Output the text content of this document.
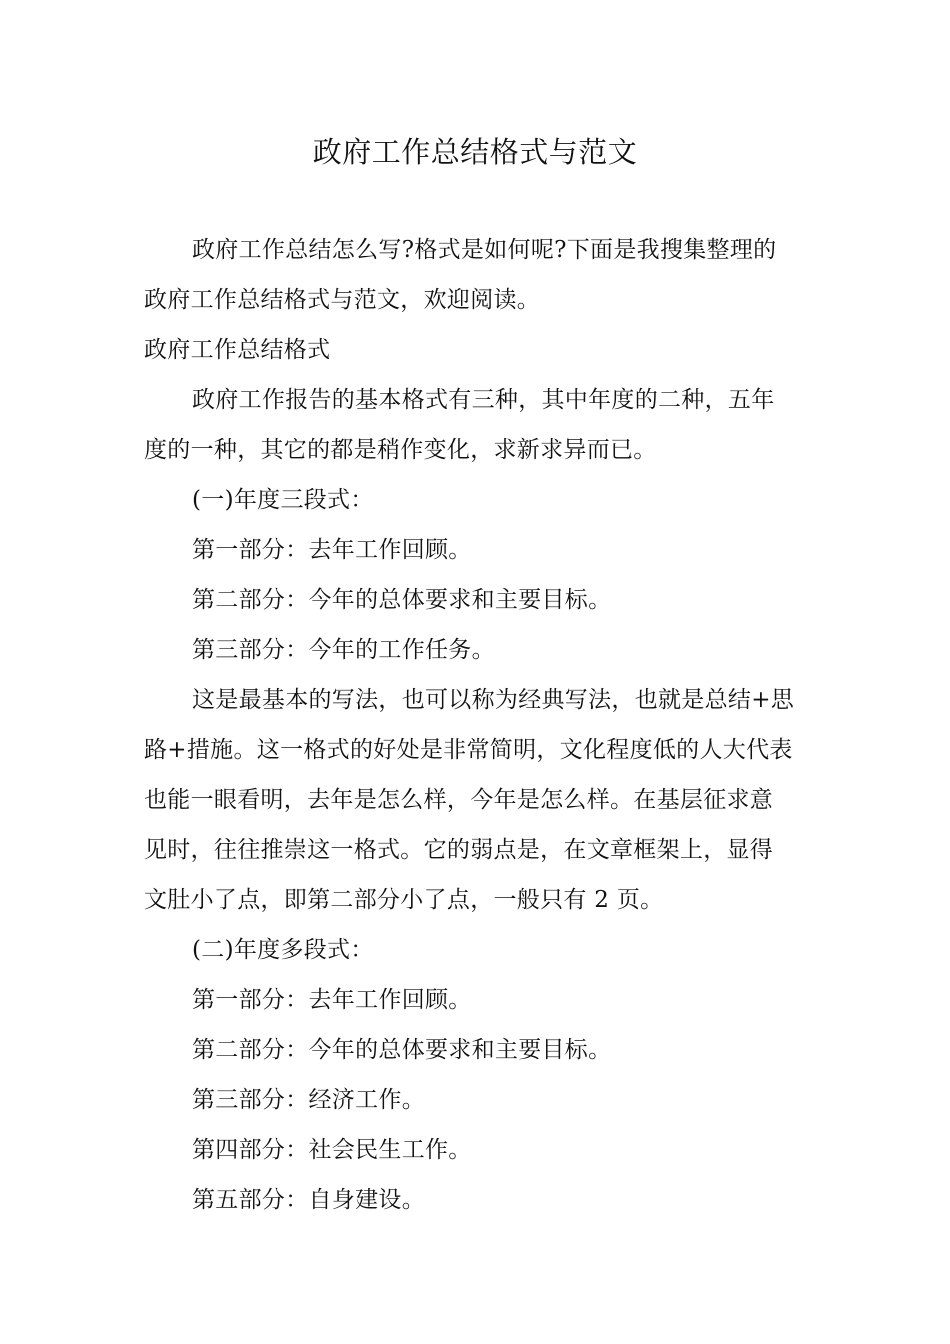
政府工作总结格式与范文

政府工作总结怎么写?格式是如何呢?下面是我搜集整理的
政府工作总结格式与范文，欢迎阅读。

政府工作总结格式

政府工作报告的基本格式有三种，其中年度的二种，五年
度的一种，其它的都是稍作变化，求新求异而已。

(一)年度三段式：

第一部分：去年工作回顾。

第二部分：今年的总体要求和主要目标。

第三部分：今年的工作任务。

这是最基本的写法，也可以称为经典写法，也就是总结+思
路+措施。这一格式的好处是非常简明，文化程度低的人大代表
也能一眼看明，去年是怎么样，今年是怎么样。在基层征求意
见时，往往推崇这一格式。它的弱点是，在文章框架上，显得
文肚小了点，即第二部分小了点，一般只有 2 页。

(二)年度多段式：

第一部分：去年工作回顾。

第二部分：今年的总体要求和主要目标。

第三部分：经济工作。

第四部分：社会民生工作。

第五部分：自身建设。
